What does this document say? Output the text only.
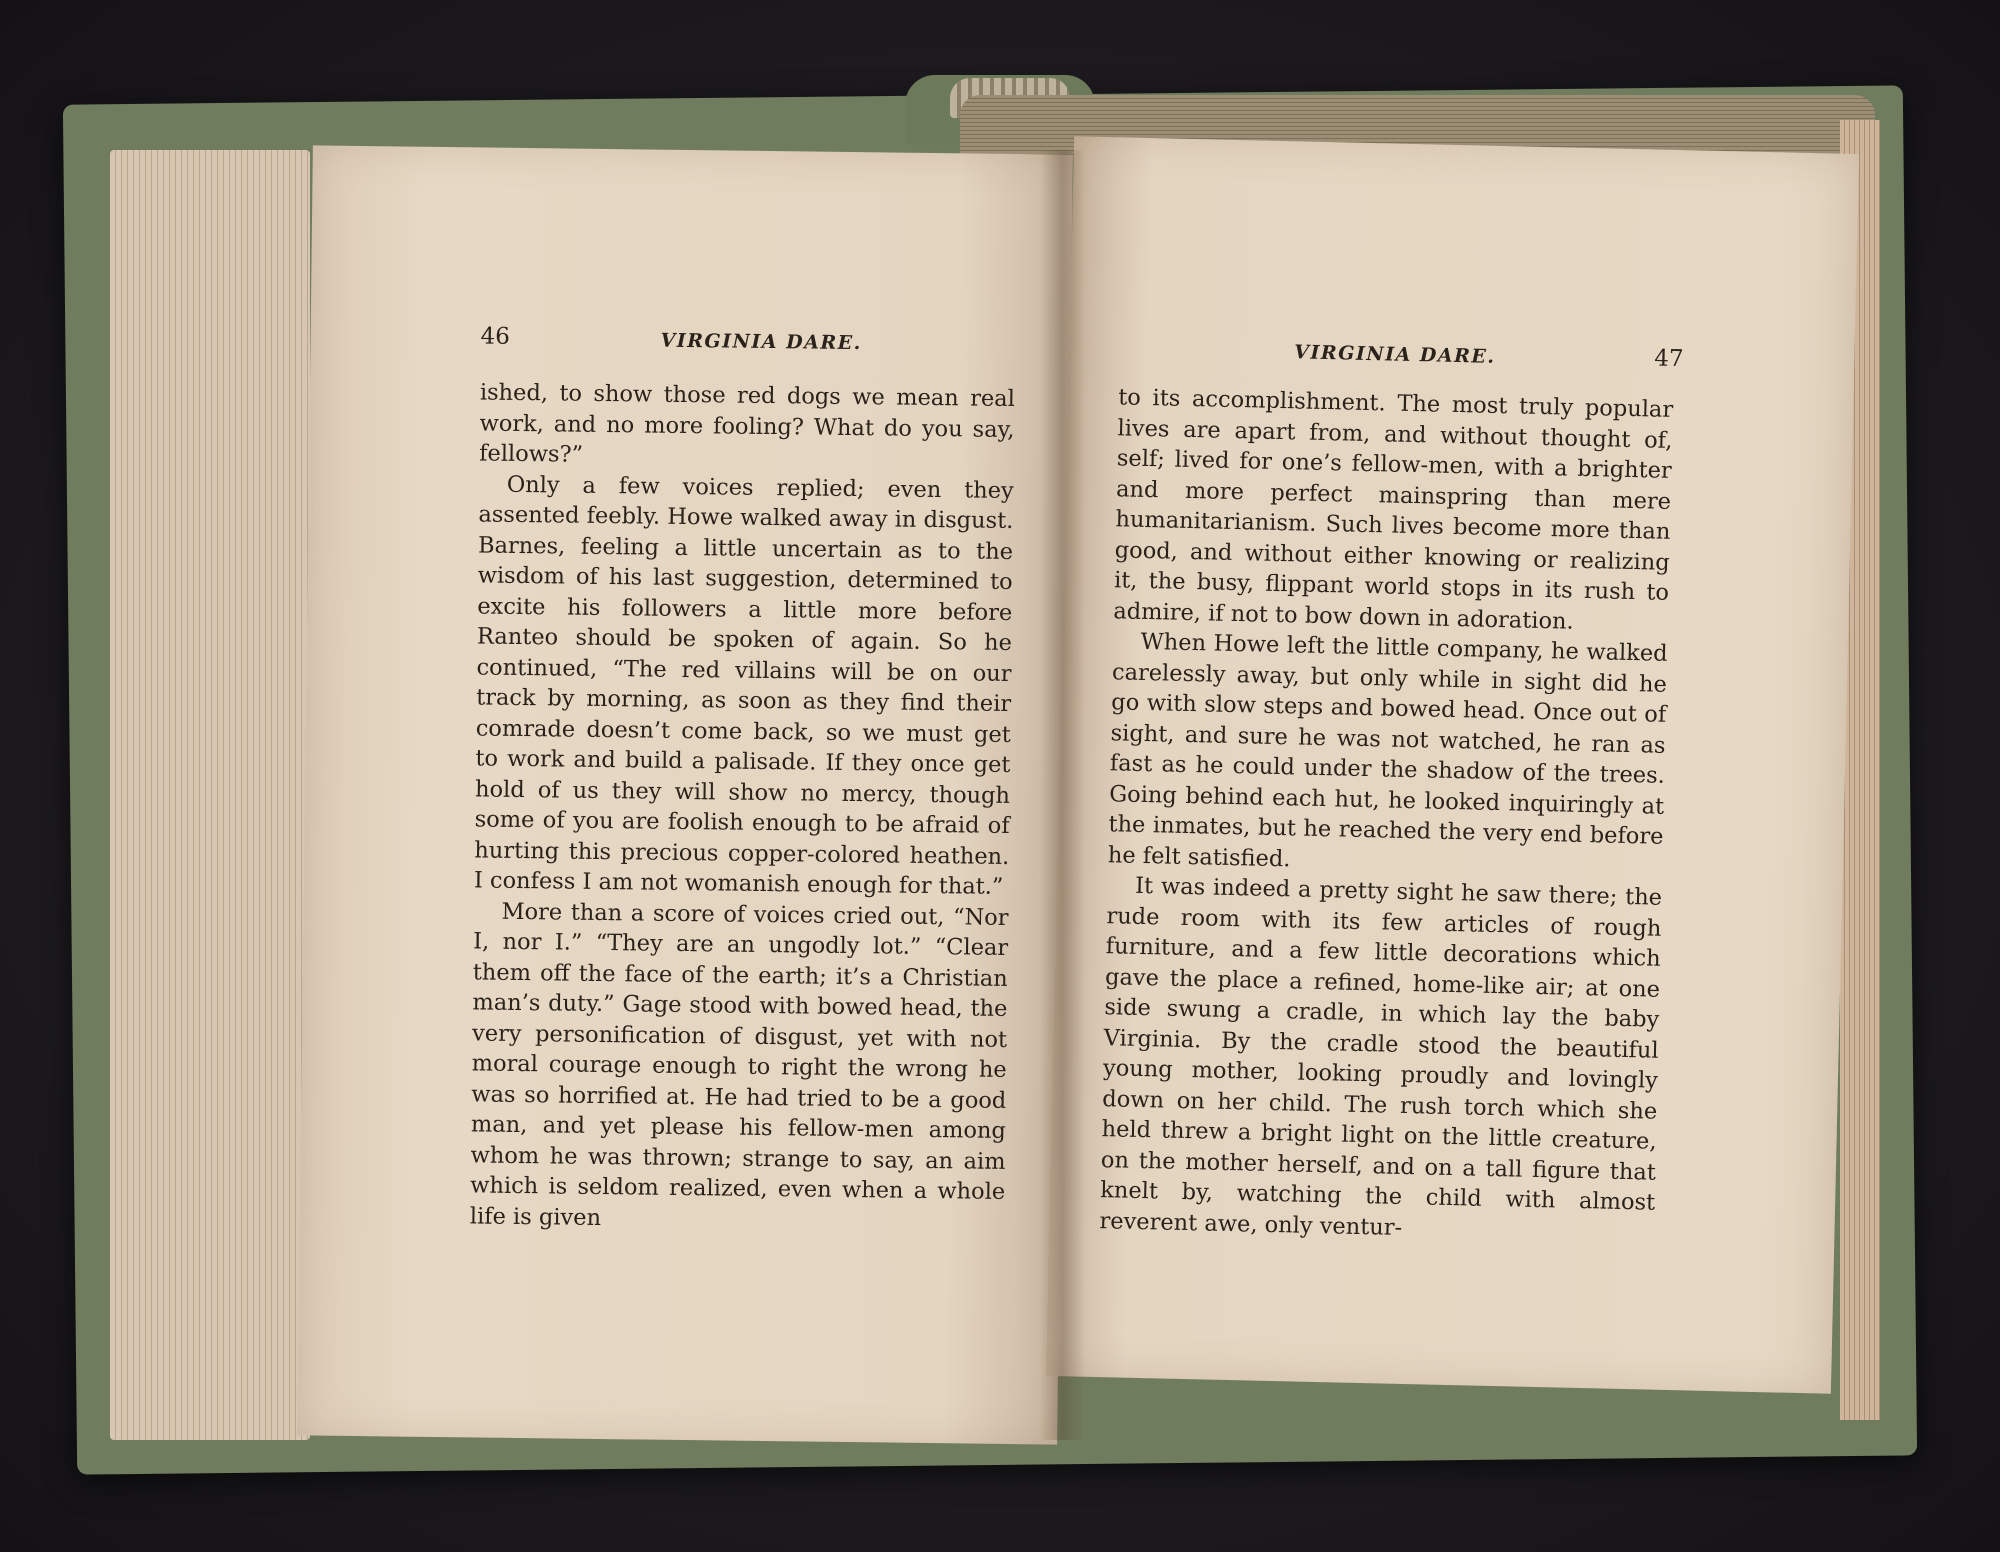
46	VIRGINIA DARE.

ished, to show those red dogs we mean real work, and no more fooling? What do you say, fellows?”

Only a few voices replied; even they assented feebly. Howe walked away in disgust. Barnes, feeling a little uncertain as to the wisdom of his last suggestion, determined to excite his followers a little more before Ranteo should be spoken of again. So he continued, “The red villains will be on our track by morning, as soon as they find their comrade doesn’t come back, so we must get to work and build a palisade. If they once get hold of us they will show no mercy, though some of you are foolish enough to be afraid of hurting this precious copper-colored heathen. I confess I am not womanish enough for that.”

More than a score of voices cried out, “Nor I, nor I.” “They are an ungodly lot.” “Clear them off the face of the earth; it’s a Christian man’s duty.” Gage stood with bowed head, the very personification of disgust, yet with not moral courage enough to right the wrong he was so horrified at. He had tried to be a good man, and yet please his fellow-men among whom he was thrown; strange to say, an aim which is seldom realized, even when a whole life is given

VIRGINIA DARE.	47

to its accomplishment. The most truly popular lives are apart from, and without thought of, self; lived for one’s fellow-men, with a brighter and more perfect mainspring than mere humanitarianism. Such lives become more than good, and without either knowing or realizing it, the busy, flippant world stops in its rush to admire, if not to bow down in adoration.

When Howe left the little company, he walked carelessly away, but only while in sight did he go with slow steps and bowed head. Once out of sight, and sure he was not watched, he ran as fast as he could under the shadow of the trees. Going behind each hut, he looked inquiringly at the inmates, but he reached the very end before he felt satisfied.

It was indeed a pretty sight he saw there; the rude room with its few articles of rough furniture, and a few little decorations which gave the place a refined, home-like air; at one side swung a cradle, in which lay the baby Virginia. By the cradle stood the beautiful young mother, looking proudly and lovingly down on her child. The rush torch which she held threw a bright light on the little creature, on the mother herself, and on a tall figure that knelt by, watching the child with almost reverent awe, only ventur-
